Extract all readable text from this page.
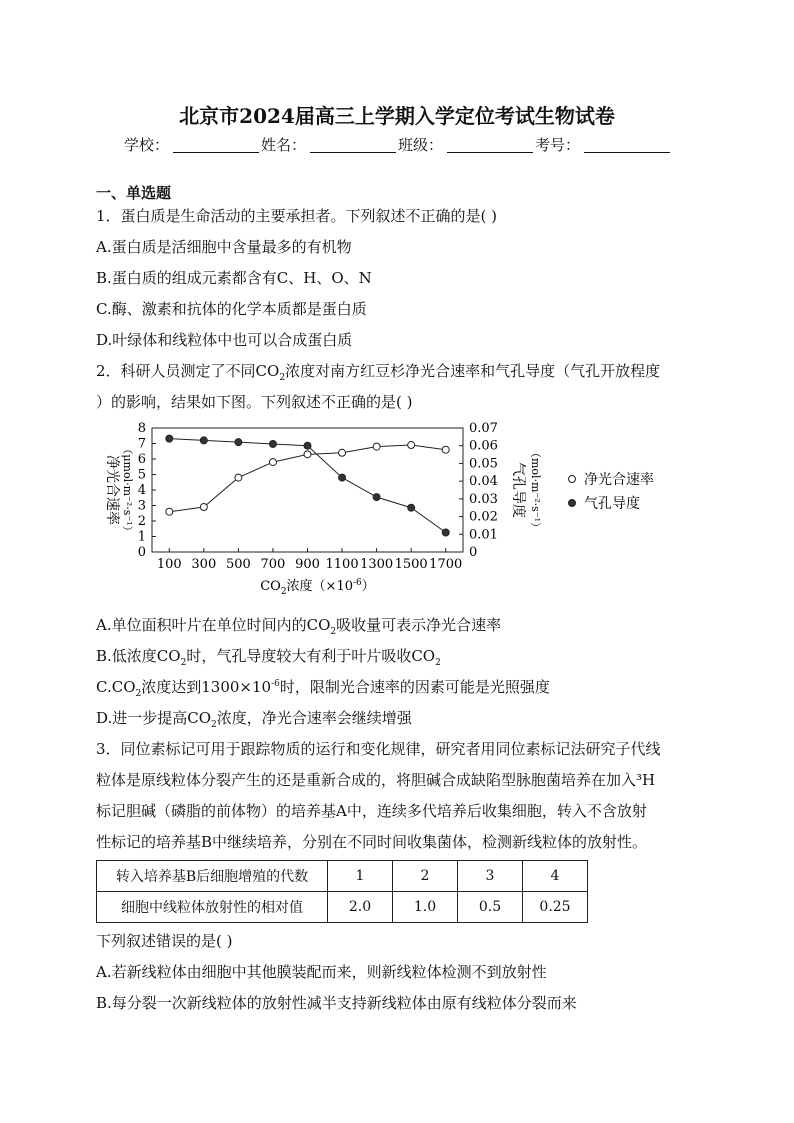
北京市2024届高三上学期入学定位考试生物试卷
学校：	姓名：	班级：	考号：
一、单选题
1．蛋白质是生命活动的主要承担者。下列叙述不正确的是( )
A.蛋白质是活细胞中含量最多的有机物
B.蛋白质的组成元素都含有C、H、O、N
C.酶、激素和抗体的化学本质都是蛋白质
D.叶绿体和线粒体中也可以合成蛋白质
2．科研人员测定了不同$CO_2$浓度对南方红豆杉净光合速率和气孔导度（气孔开放程度
）的影响，结果如下图。下列叙述不正确的是( )
0
1
2
3
4
5
6
7
8
0
0.01
0.02
0.03
0.04
0.05
0.06
0.07
100 300 500 700 900 1100 1300 1500 1700
$CO_2$浓度$(\times 10^{-6})$
净光合速率 （μmol·m⁻²·s⁻¹）	气孔导度 （mol·m⁻²·s⁻¹）	净光合速率
气孔导度
A.单位面积叶片在单位时间内的$CO_2$吸收量可表示净光合速率
B.低浓度$CO_2$时，气孔导度较大有利于叶片吸收$CO_2$
$C.CO_2$浓度达到$1300\times 10^{-6}$时，限制光合速率的因素可能是光照强度
D.进一步提高$CO_2$浓度，净光合速率会继续增强
3．同位素标记可用于跟踪物质的运行和变化规律，研究者用同位素标记法研究子代线
粒体是原线粒体分裂产生的还是重新合成的，将胆碱合成缺陷型脉胞菌培养在加入³H
标记胆碱（磷脂的前体物）的培养基A中，连续多代培养后收集细胞，转入不含放射
性标记的培养基B中继续培养，分别在不同时间收集菌体，检测新线粒体的放射性。
转入培养基B后细胞增殖的代数	1	2	3	4
细胞中线粒体放射性的相对值	2.0	1.0	0.5	0.25
下列叙述错误的是( )
A.若新线粒体由细胞中其他膜装配而来，则新线粒体检测不到放射性
B.每分裂一次新线粒体的放射性减半支持新线粒体由原有线粒体分裂而来
